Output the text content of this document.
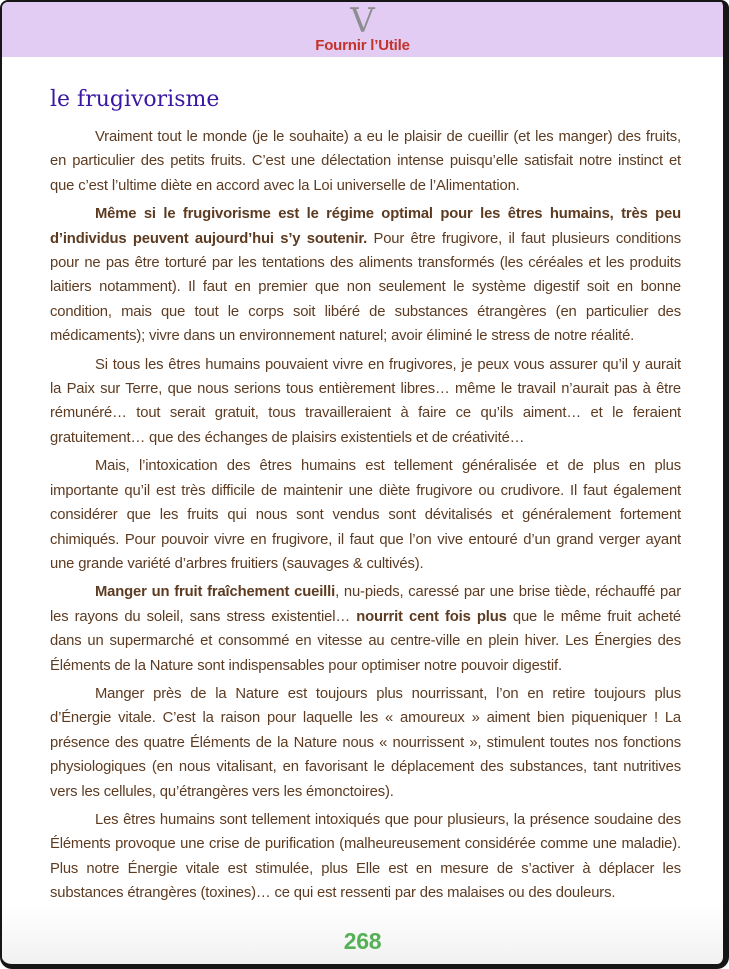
V
Fournir l’Utile
le frugivorisme

Vraiment tout le monde (je le souhaite) a eu le plaisir de cueillir (et les manger) des fruits, en particulier des petits fruits. C’est une délectation intense puisqu’elle satisfait notre instinct et que c’est l’ultime diète en accord avec la Loi universelle de l’Alimentation.

Même si le frugivorisme est le régime optimal pour les êtres humains, très peu d’individus peuvent aujourd’hui s’y soutenir. Pour être frugivore, il faut plusieurs conditions pour ne pas être torturé par les tentations des aliments transformés (les céréales et les produits laitiers notamment). Il faut en premier que non seulement le système digestif soit en bonne condition, mais que tout le corps soit libéré de substances étrangères (en particulier des médicaments); vivre dans un environnement naturel; avoir éliminé le stress de notre réalité.

Si tous les êtres humains pouvaient vivre en frugivores, je peux vous assurer qu’il y aurait la Paix sur Terre, que nous serions tous entièrement libres… même le travail n’aurait pas à être rémunéré… tout serait gratuit, tous travailleraient à faire ce qu’ils aiment… et le feraient gratuitement… que des échanges de plaisirs existentiels et de créativité…

Mais, l’intoxication des êtres humains est tellement généralisée et de plus en plus importante qu’il est très difficile de maintenir une diète frugivore ou crudivore. Il faut également considérer que les fruits qui nous sont vendus sont dévitalisés et généralement fortement chimiqués. Pour pouvoir vivre en frugivore, il faut que l’on vive entouré d’un grand verger ayant une grande variété d’arbres fruitiers (sauvages & cultivés).

Manger un fruit fraîchement cueilli, nu-pieds, caressé par une brise tiède, réchauffé par les rayons du soleil, sans stress existentiel… nourrit cent fois plus que le même fruit acheté dans un supermarché et consommé en vitesse au centre-ville en plein hiver. Les Énergies des Éléments de la Nature sont indispensables pour optimiser notre pouvoir digestif.

Manger près de la Nature est toujours plus nourrissant, l’on en retire toujours plus d’Énergie vitale. C’est la raison pour laquelle les « amoureux » aiment bien piqueniquer ! La présence des quatre Éléments de la Nature nous « nourrissent », stimulent toutes nos fonctions physiologiques (en nous vitalisant, en favorisant le déplacement des substances, tant nutritives vers les cellules, qu’étrangères vers les émonctoires).

Les êtres humains sont tellement intoxiqués que pour plusieurs, la présence soudaine des Éléments provoque une crise de purification (malheureusement considérée comme une maladie). Plus notre Énergie vitale est stimulée, plus Elle est en mesure de s’activer à déplacer les substances étrangères (toxines)… ce qui est ressenti par des malaises ou des douleurs.

268
